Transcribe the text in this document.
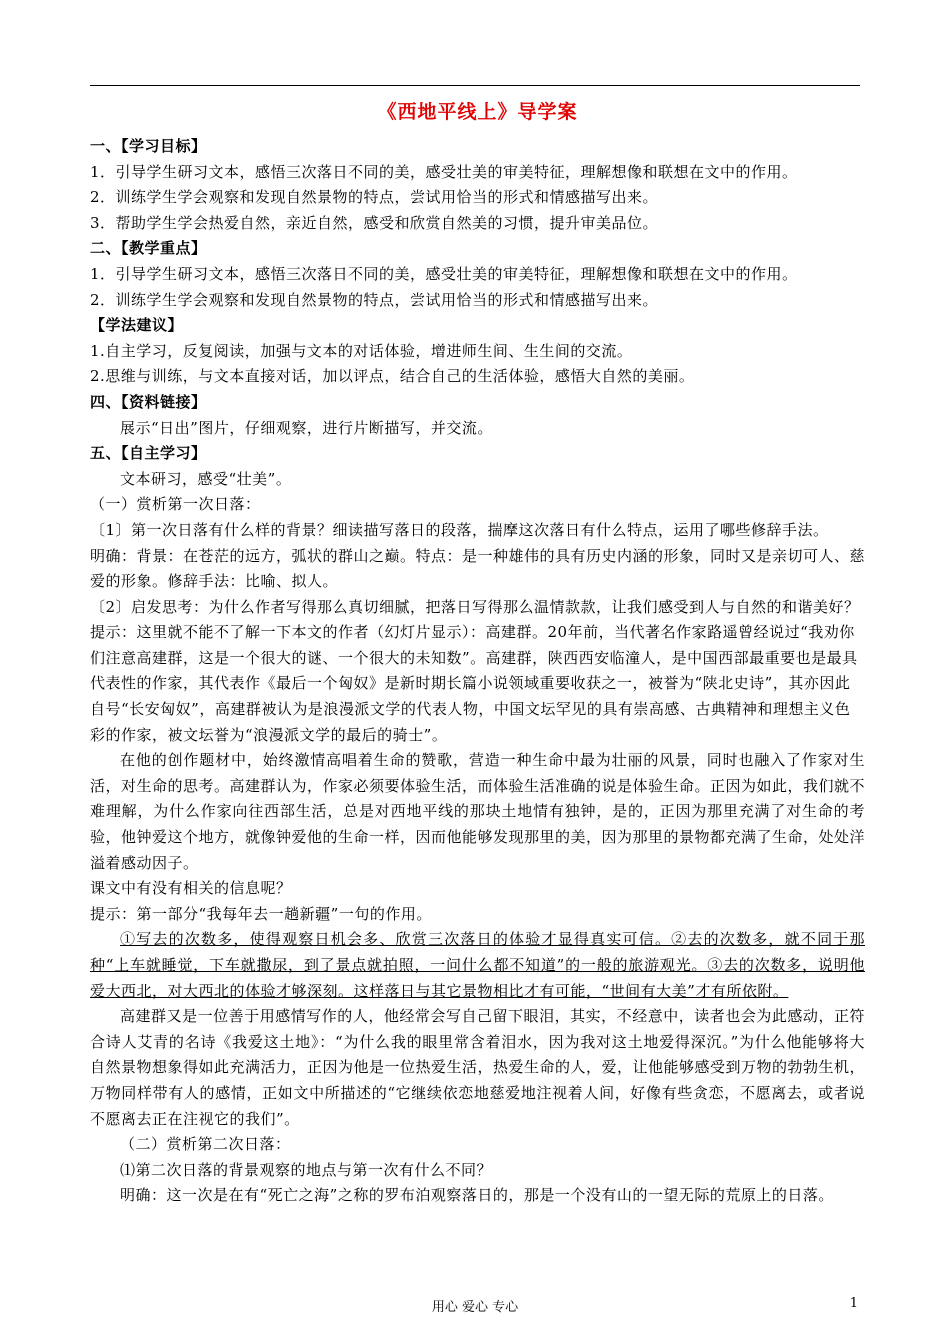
《西地平线上》导学案
一、【学习目标】
1．引导学生研习文本，感悟三次落日不同的美，感受壮美的审美特征，理解想像和联想在文中的作用。
2．训练学生学会观察和发现自然景物的特点，尝试用恰当的形式和情感描写出来。
3．帮助学生学会热爱自然，亲近自然，感受和欣赏自然美的习惯，提升审美品位。
二、【教学重点】
1．引导学生研习文本，感悟三次落日不同的美，感受壮美的审美特征，理解想像和联想在文中的作用。
2．训练学生学会观察和发现自然景物的特点，尝试用恰当的形式和情感描写出来。
【学法建议】
1.自主学习，反复阅读，加强与文本的对话体验，增进师生间、生生间的交流。
2.思维与训练，与文本直接对话，加以评点，结合自己的生活体验，感悟大自然的美丽。
四、【资料链接】
展示“日出”图片，仔细观察，进行片断描写，并交流。
五、【自主学习】
文本研习，感受“壮美”。
（一）赏析第一次日落：
〔1〕第一次日落有什么样的背景？细读描写落日的段落，揣摩这次落日有什么特点，运用了哪些修辞手法。
明确：背景：在苍茫的远方，弧状的群山之巅。特点：是一种雄伟的具有历史内涵的形象，同时又是亲切可人、慈爱的形象。修辞手法：比喻、拟人。
〔2〕启发思考：为什么作者写得那么真切细腻，把落日写得那么温情款款，让我们感受到人与自然的和谐美好？
提示：这里就不能不了解一下本文的作者（幻灯片显示）：高建群。20年前，当代著名作家路遥曾经说过“我劝你们注意高建群，这是一个很大的谜、一个很大的未知数”。高建群，陕西西安临潼人，是中国西部最重要也是最具代表性的作家，其代表作《最后一个匈奴》是新时期长篇小说领域重要收获之一，被誉为“陕北史诗”，其亦因此自号“长安匈奴”，高建群被认为是浪漫派文学的代表人物，中国文坛罕见的具有崇高感、古典精神和理想主义色彩的作家，被文坛誉为“浪漫派文学的最后的骑士”。
在他的创作题材中，始终激情高唱着生命的赞歌，营造一种生命中最为壮丽的风景，同时也融入了作家对生活，对生命的思考。高建群认为，作家必须要体验生活，而体验生活准确的说是体验生命。正因为如此，我们就不难理解，为什么作家向往西部生活，总是对西地平线的那块土地情有独钟，是的，正因为那里充满了对生命的考验，他钟爱这个地方，就像钟爱他的生命一样，因而他能够发现那里的美，因为那里的景物都充满了生命，处处洋溢着感动因子。
课文中有没有相关的信息呢？
提示：第一部分“我每年去一趟新疆”一句的作用。
①写去的次数多，使得观察日机会多、欣赏三次落日的体验才显得真实可信。②去的次数多，就不同于那种“上车就睡觉，下车就撒尿，到了景点就拍照，一问什么都不知道”的一般的旅游观光。③去的次数多，说明他爱大西北，对大西北的体验才够深刻。这样落日与其它景物相比才有可能，“世间有大美”才有所依附。
高建群又是一位善于用感情写作的人，他经常会写自己留下眼泪，其实，不经意中，读者也会为此感动，正符合诗人艾青的名诗《我爱这土地》：“为什么我的眼里常含着泪水，因为我对这土地爱得深沉。”为什么他能够将大自然景物想象得如此充满活力，正因为他是一位热爱生活，热爱生命的人，爱，让他能够感受到万物的勃勃生机，万物同样带有人的感情，正如文中所描述的“它继续依恋地慈爱地注视着人间，好像有些贪恋，不愿离去，或者说不愿离去正在注视它的我们”。
（二）赏析第二次日落：
⑴第二次日落的背景观察的地点与第一次有什么不同？
明确：这一次是在有“死亡之海”之称的罗布泊观察落日的，那是一个没有山的一望无际的荒原上的日落。
用心 爱心 专心	1
